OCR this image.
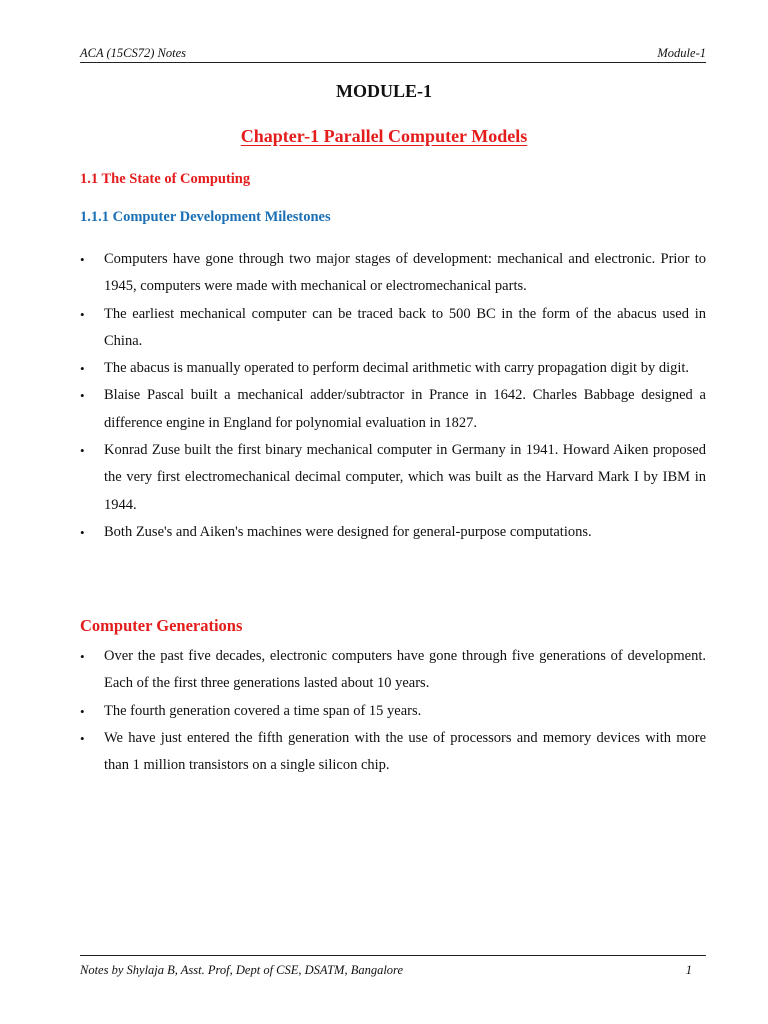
ACA (15CS72) Notes	Module-1
MODULE-1
Chapter-1 Parallel Computer Models
1.1 The State of Computing
1.1.1 Computer Development Milestones
• Computers have gone through two major stages of development: mechanical and electronic. Prior to 1945, computers were made with mechanical or electromechanical parts.
• The earliest mechanical computer can be traced back to 500 BC in the form of the abacus used in China.
• The abacus is manually operated to perform decimal arithmetic with carry propagation digit by digit.
• Blaise Pascal built a mechanical adder/subtractor in Prance in 1642. Charles Babbage designed a difference engine in England for polynomial evaluation in 1827.
• Konrad Zuse built the first binary mechanical computer in Germany in 1941. Howard Aiken proposed the very first electromechanical decimal computer, which was built as the Harvard Mark I by IBM in 1944.
• Both Zuse's and Aiken's machines were designed for general-purpose computations.
Computer Generations
• Over the past five decades, electronic computers have gone through five generations of development. Each of the first three generations lasted about 10 years.
• The fourth generation covered a time span of 15 years.
• We have just entered the fifth generation with the use of processors and memory devices with more than 1 million transistors on a single silicon chip.
Notes by Shylaja B, Asst. Prof, Dept of CSE, DSATM, Bangalore	1
